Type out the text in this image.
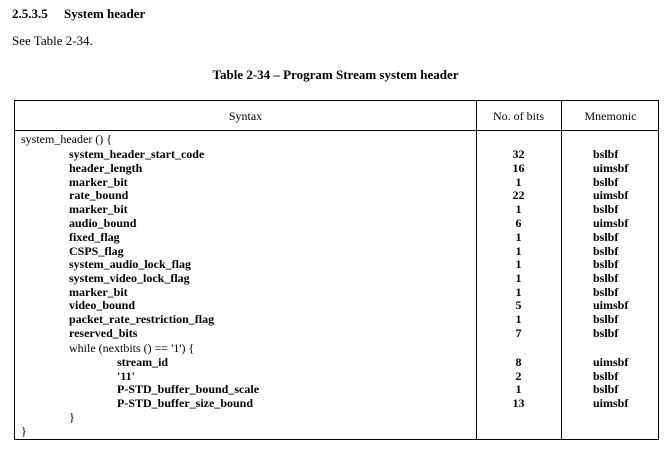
2.5.3.5 System header
See Table 2-34.
Table 2-34 – Program Stream system header
Syntax	No. of bits	Mnemonic
system_header () {
system_header_start_code	32	bslbf
header_length	16	uimsbf
marker_bit	1	bslbf
rate_bound	22	uimsbf
marker_bit	1	bslbf
audio_bound	6	uimsbf
fixed_flag	1	bslbf
CSPS_flag	1	bslbf
system_audio_lock_flag	1	bslbf
system_video_lock_flag	1	bslbf
marker_bit	1	bslbf
video_bound	5	uimsbf
packet_rate_restriction_flag	1	bslbf
reserved_bits	7	bslbf
while (nextbits () == '1') {
stream_id	8	uimsbf
'11'	2	bslbf
P-STD_buffer_bound_scale	1	bslbf
P-STD_buffer_size_bound	13	uimsbf
}
}
